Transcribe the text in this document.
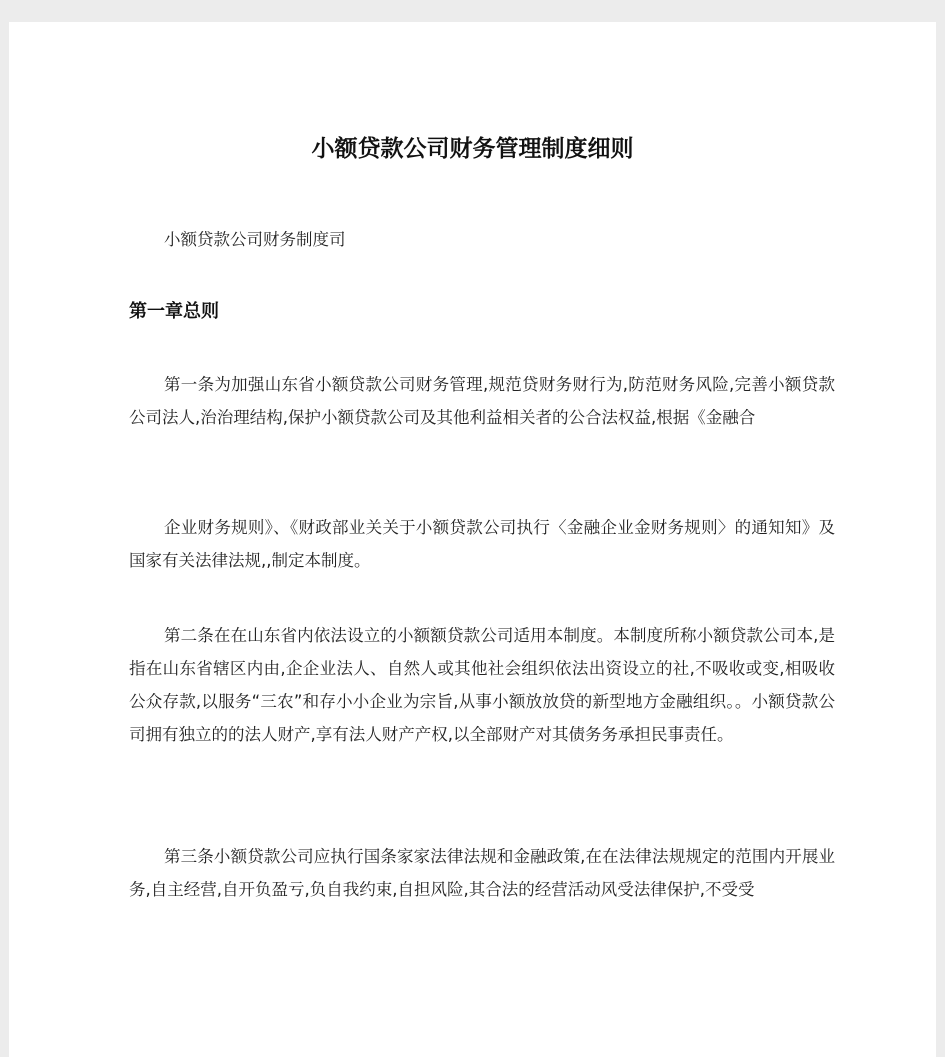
小额贷款公司财务管理制度细则

小额贷款公司财务制度司

第一章总则

第一条为加强山东省小额贷款公司财务管理,规范贷财务财行为,防范财务风险,完善小额贷款公司法人,治治理结构,保护小额贷款公司及其他利益相关者的公合法权益,根据《金融合

企业财务规则》、《财政部业关关于小额贷款公司执行〈金融企业金财务规则〉的通知知》及国家有关法律法规,,制定本制度。

第二条在在山东省内依法设立的小额额贷款公司适用本制度。本制度所称小额贷款公司本,是指在山东省辖区内由,企企业法人、自然人或其他社会组织依法出资设立的社,不吸收或变,相吸收公众存款,以服务“三农”和存小小企业为宗旨,从事小额放放贷的新型地方金融组织。。小额贷款公司拥有独立的的法人财产,享有法人财产产权,以全部财产对其债务务承担民事责任。

第三条小额贷款公司应执行国条家家法律法规和金融政策,在在法律法规规定的范围内开展业务,自主经营,自开负盈亏,负自我约束,自担风险,其合法的经营活动风受法律保护,不受受
